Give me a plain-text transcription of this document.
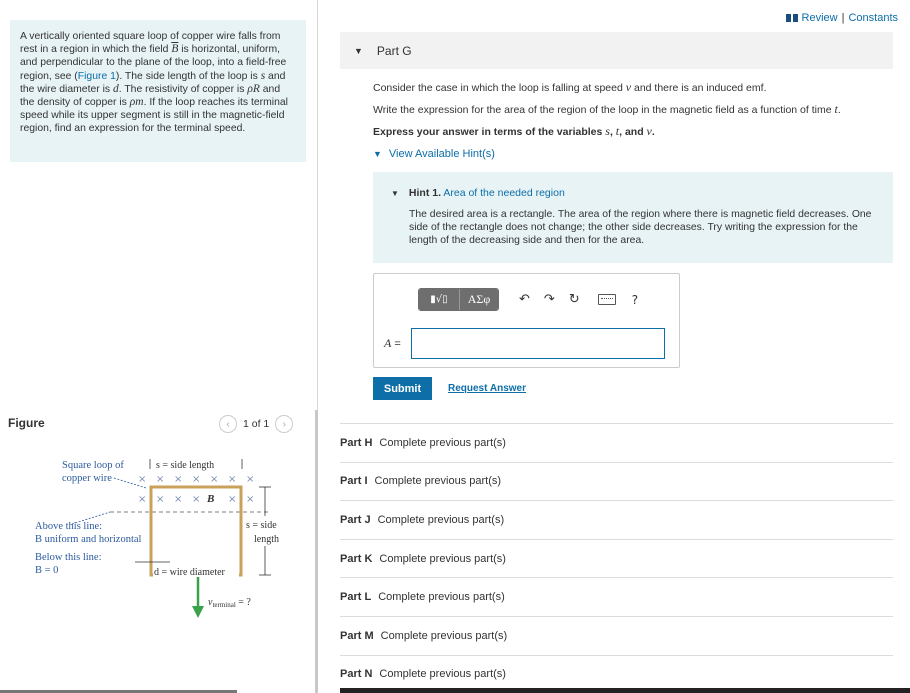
A vertically oriented square loop of copper wire falls from rest in a region in which the field $\overline{B}$ is horizontal, uniform, and perpendicular to the plane of the loop, into a field-free region, see (Figure 1). The side length of the loop is s and the wire diameter is d. The resistivity of copper is ρR and the density of copper is ρm. If the loop reaches its terminal speed while its upper segment is still in the magnetic-field region, find an expression for the terminal speed.
Review | Constants
▼ Part G
Consider the case in which the loop is falling at speed v and there is an induced emf.
Write the expression for the area of the region of the loop in the magnetic field as a function of time t.
Express your answer in terms of the variables s, t, and v.
▼ View Available Hint(s)
▼ Hint 1. Area of the needed region
The desired area is a rectangle. The area of the region where there is magnetic field decreases. One side of the rectangle does not change; the other side decreases. Try writing the expression for the length of the decreasing side and then for the area.
▮√▯	ΑΣφ	↶ ↷ ↻	?
A =
Submit	Request Answer
Figure	‹	1 of 1	›
Square loop of
copper wire
Above this line:
B uniform and horizontal
Below this line:
B = 0
× × × × × × ×
× × × ×	× ×
B
s = side length
s = side
length
d = wire diameter
$v_{terminal}$ = ?
Part H Complete previous part(s)
Part I Complete previous part(s)
Part J Complete previous part(s)
Part K Complete previous part(s)
Part L Complete previous part(s)
Part M Complete previous part(s)
Part N Complete previous part(s)
